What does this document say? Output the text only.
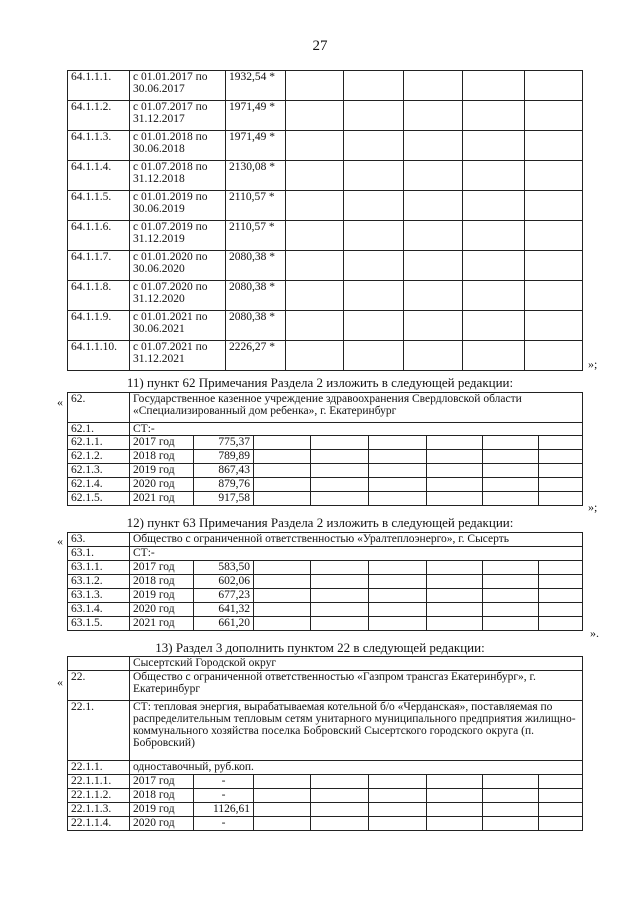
27
64.1.1.1.	с 01.01.2017 по 30.06.2017	1932,54 *					
64.1.1.2.	с 01.07.2017 по 31.12.2017	1971,49 *					
64.1.1.3.	с 01.01.2018 по 30.06.2018	1971,49 *					
64.1.1.4.	с 01.07.2018 по 31.12.2018	2130,08 *					
64.1.1.5.	с 01.01.2019 по 30.06.2019	2110,57 *					
64.1.1.6.	с 01.07.2019 по 31.12.2019	2110,57 *					
64.1.1.7.	с 01.01.2020 по 30.06.2020	2080,38 *					
64.1.1.8.	с 01.07.2020 по 31.12.2020	2080,38 *					
64.1.1.9.	с 01.01.2021 по 30.06.2021	2080,38 *					
64.1.1.10.	с 01.07.2021 по 31.12.2021	2226,27 *					
»;
11) пункт 62 Примечания Раздела 2 изложить в следующей редакции:
« 62.	Государственное казенное учреждение здравоохранения Свердловской области «Специализированный дом ребенка», г. Екатеринбург							
62.1.	СТ:-							
62.1.1.	2017 год	775,37						
62.1.2.	2018 год	789,89						
62.1.3.	2019 год	867,43						
62.1.4.	2020 год	879,76						
62.1.5.	2021 год	917,58						
»;
12) пункт 63 Примечания Раздела 2 изложить в следующей редакции:
« 63.	Общество с ограниченной ответственностью «Уралтеплоэнерго», г. Сысерть							
63.1.	СТ:-							
63.1.1.	2017 год	583,50						
63.1.2.	2018 год	602,06						
63.1.3.	2019 год	677,23						
63.1.4.	2020 год	641,32						
63.1.5.	2021 год	661,20						
».
13) Раздел 3 дополнить пунктом 22 в следующей редакции:
«
	Сысертский Городской округ							
22.	Общество с ограниченной ответственностью «Газпром трансгаз Екатеринбург», г. Екатеринбург							
22.1.	СТ: тепловая энергия, вырабатываемая котельной б/о «Черданская», поставляемая по распределительным тепловым сетям унитарного муниципального предприятия жилищно-коммунального хозяйства поселка Бобровский Сысертского городского округа (п. Бобровский)							
22.1.1.	одноставочный, руб.коп.							
22.1.1.1.	2017 год	-						
22.1.1.2.	2018 год	-						
22.1.1.3.	2019 год	1126,61						
22.1.1.4.	2020 год	-						
